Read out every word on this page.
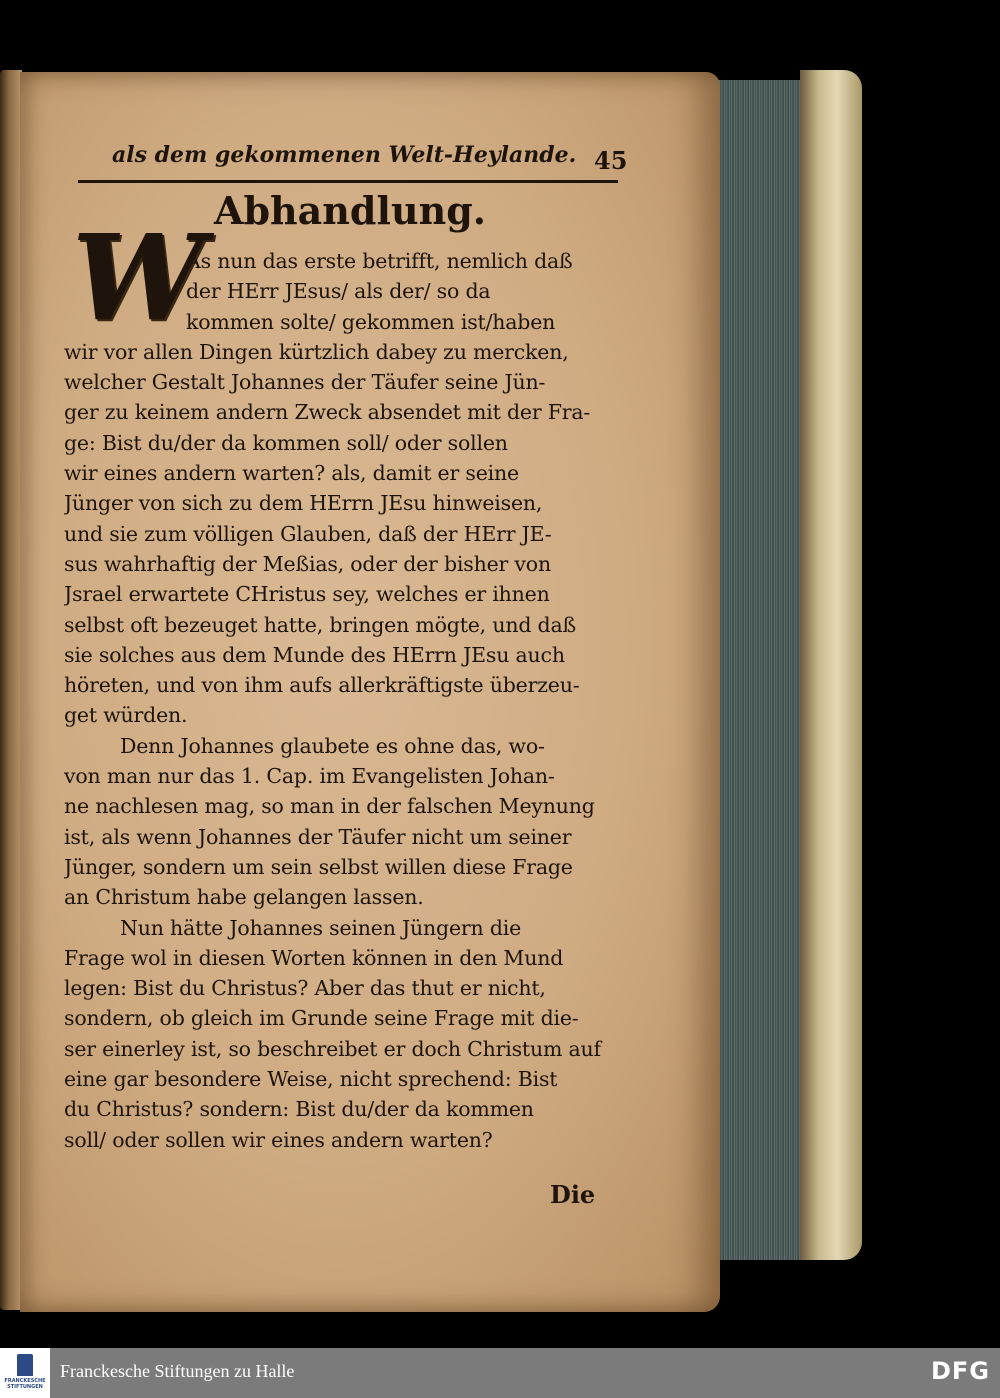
als dem gekommenen Welt-Heylande. 45
Abhandlung.
W
As nun das erste betrifft, nemlich daß
der HErr JEsus/ als der/ so da
kommen solte/ gekommen ist/haben
wir vor allen Dingen kürtzlich dabey zu mercken,
welcher Gestalt Johannes der Täufer seine Jün-
ger zu keinem andern Zweck absendet mit der Fra-
ge: Bist du/der da kommen soll/ oder sollen
wir eines andern warten? als, damit er seine
Jünger von sich zu dem HErrn JEsu hinweisen,
und sie zum völligen Glauben, daß der HErr JE-
sus wahrhaftig der Meßias, oder der bisher von
Jsrael erwartete CHristus sey, welches er ihnen
selbst oft bezeuget hatte, bringen mögte, und daß
sie solches aus dem Munde des HErrn JEsu auch
höreten, und von ihm aufs allerkräftigste überzeu-
get würden.
Denn Johannes glaubete es ohne das, wo-
von man nur das 1. Cap. im Evangelisten Johan-
ne nachlesen mag, so man in der falschen Meynung
ist, als wenn Johannes der Täufer nicht um seiner
Jünger, sondern um sein selbst willen diese Frage
an Christum habe gelangen lassen.
Nun hätte Johannes seinen Jüngern die
Frage wol in diesen Worten können in den Mund
legen: Bist du Christus? Aber das thut er nicht,
sondern, ob gleich im Grunde seine Frage mit die-
ser einerley ist, so beschreibet er doch Christum auf
eine gar besondere Weise, nicht sprechend: Bist
du Christus? sondern: Bist du/der da kommen
soll/ oder sollen wir eines andern warten?
Die
FRANCKESCHE STIFTUNGEN
Franckesche Stiftungen zu Halle	DFG
